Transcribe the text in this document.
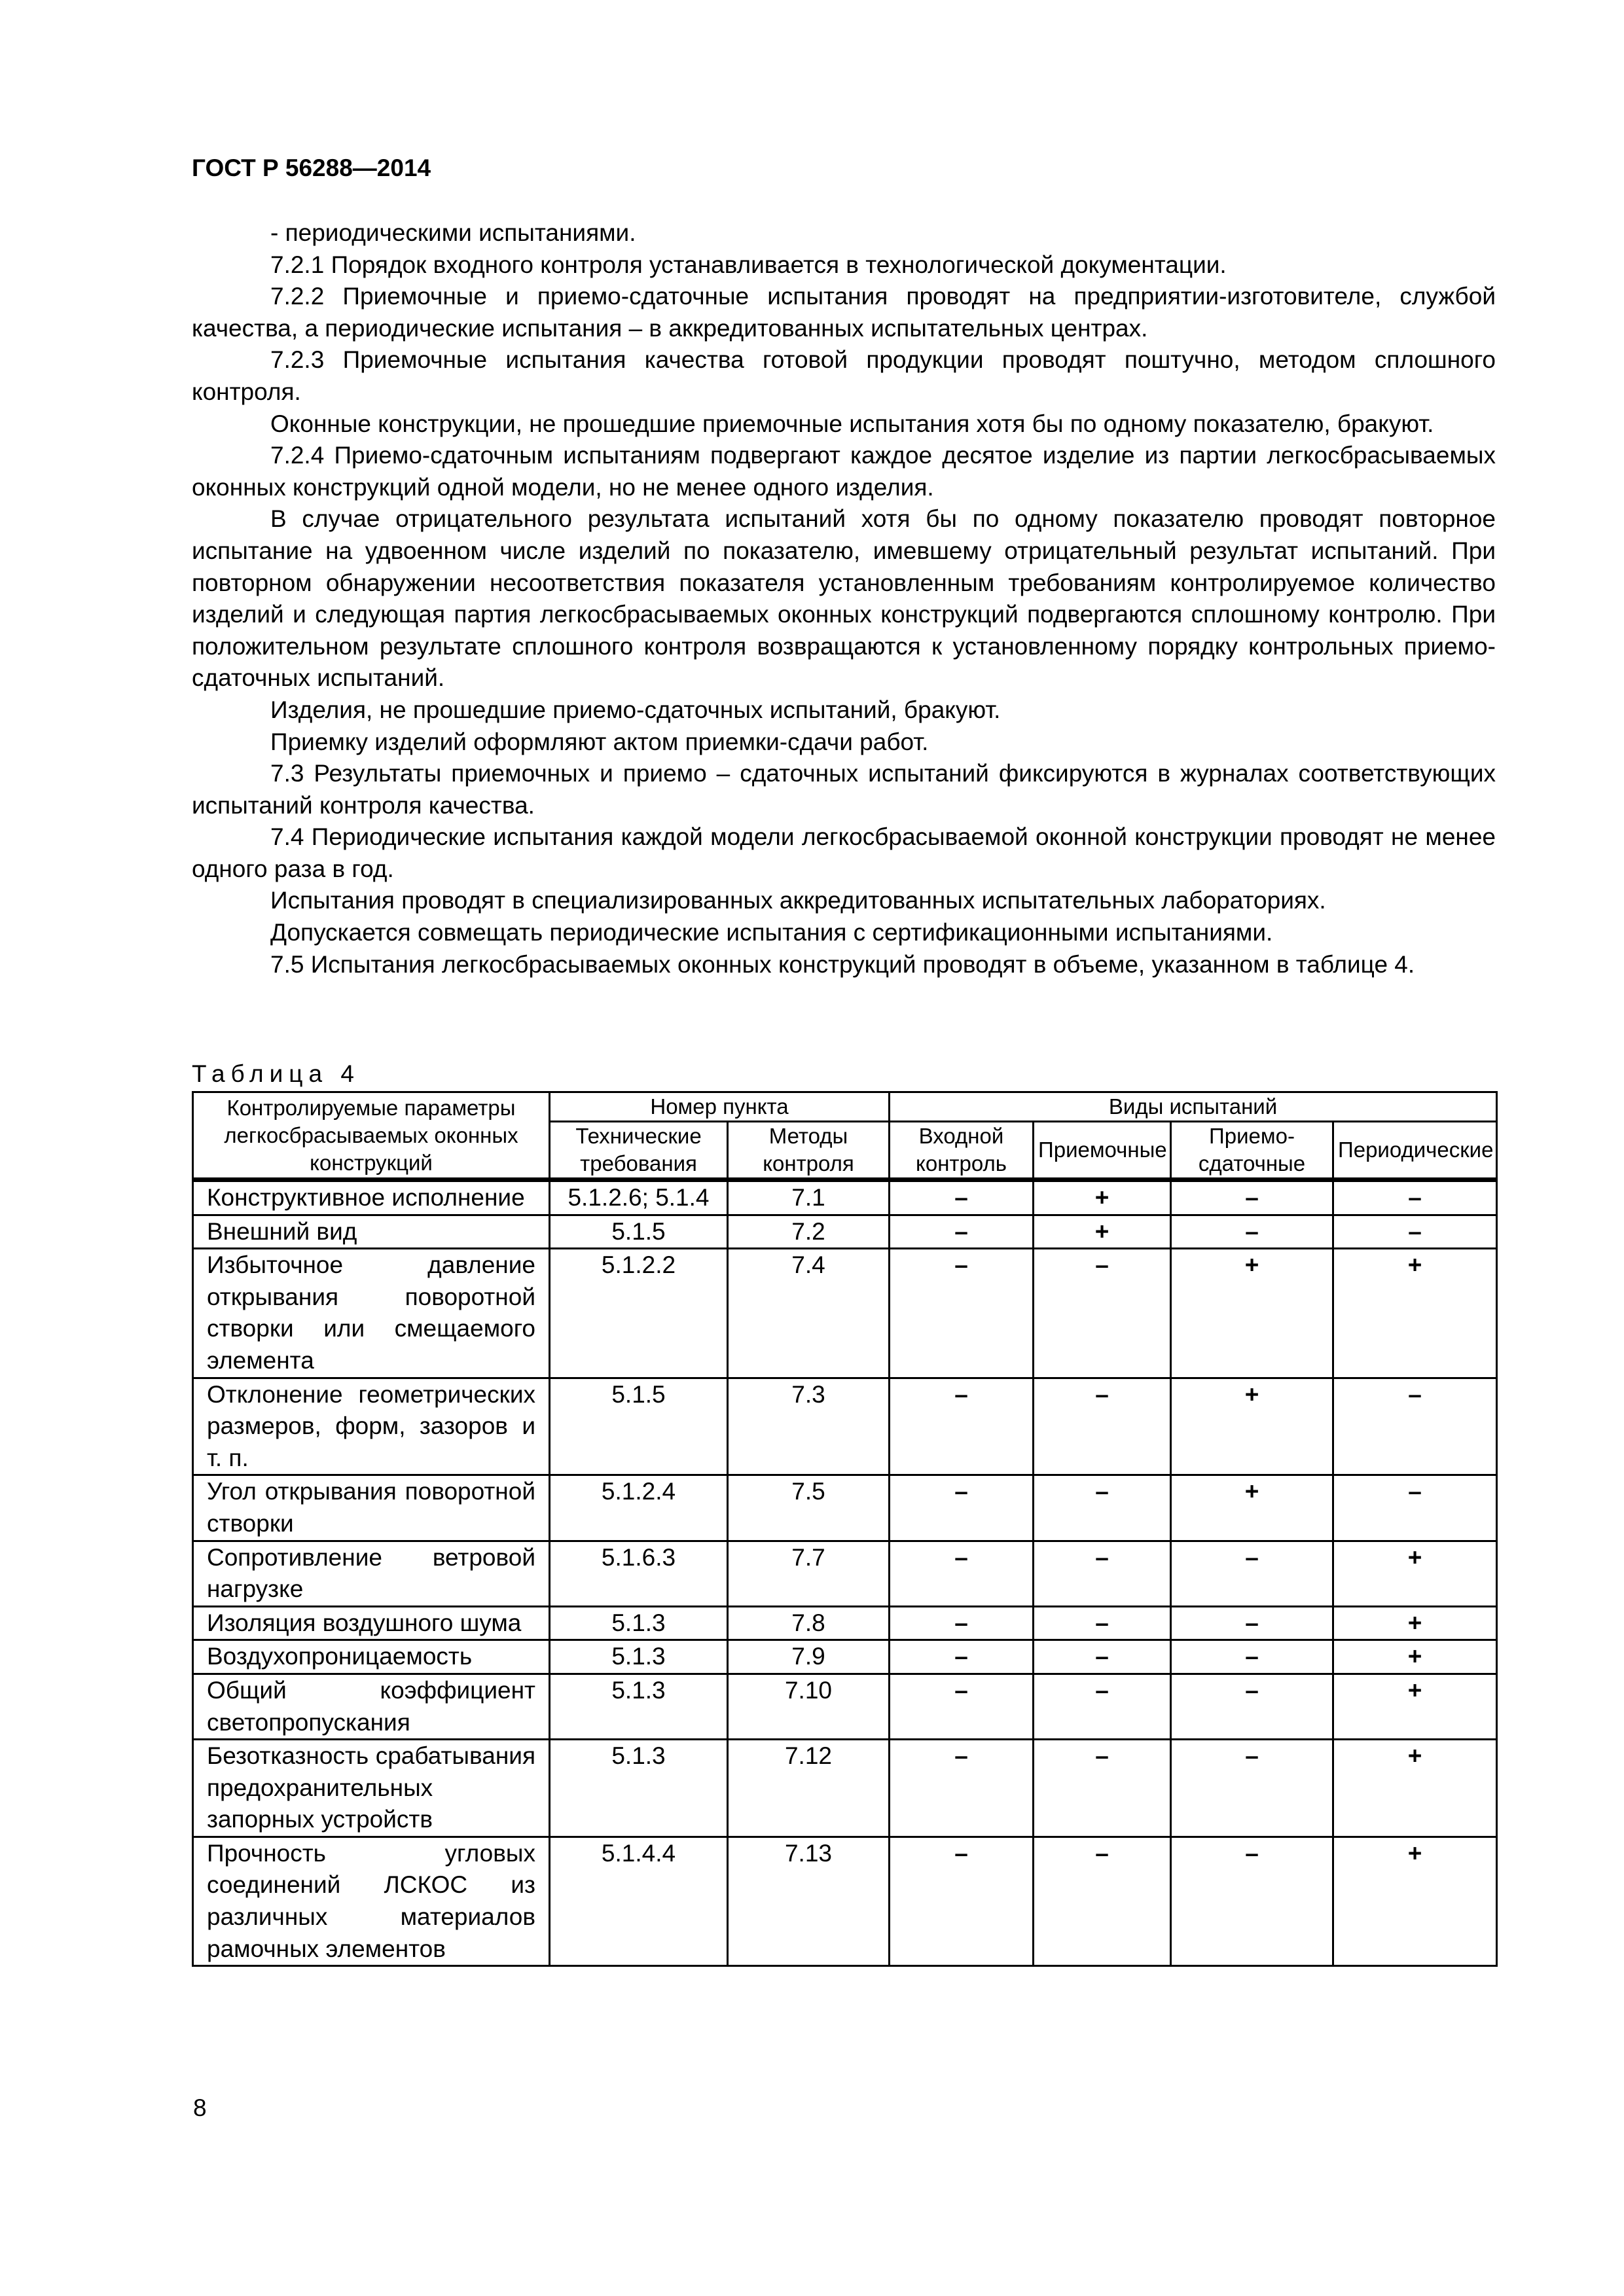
ГОСТ Р 56288—2014

- периодическими испытаниями.

7.2.1 Порядок входного контроля устанавливается в технологической документации.

7.2.2 Приемочные и приемо-сдаточные испытания проводят на предприятии-изготовителе, службой качества, а периодические испытания – в аккредитованных испытательных центрах.

7.2.3 Приемочные испытания качества готовой продукции проводят поштучно, методом сплошного контроля.

Оконные конструкции, не прошедшие приемочные испытания хотя бы по одному показателю, бракуют.

7.2.4 Приемо-сдаточным испытаниям подвергают каждое десятое изделие из партии легкосбрасываемых оконных конструкций одной модели, но не менее одного изделия.

В случае отрицательного результата испытаний хотя бы по одному показателю проводят повторное испытание на удвоенном числе изделий по показателю, имевшему отрицательный результат испытаний. При повторном обнаружении несоответствия показателя установленным требованиям контролируемое количество изделий и следующая партия легкосбрасываемых оконных конструкций подвергаются сплошному контролю. При положительном результате сплошного контроля возвращаются к установленному порядку контрольных приемо-сдаточных испытаний.

Изделия, не прошедшие приемо-сдаточных испытаний, бракуют.

Приемку изделий оформляют актом приемки-сдачи работ.

7.3 Результаты приемочных и приемо – сдаточных испытаний фиксируются в журналах соответствующих испытаний контроля качества.

7.4 Периодические испытания каждой модели легкосбрасываемой оконной конструкции проводят не менее одного раза в год.

Испытания проводят в специализированных аккредитованных испытательных лабораториях.

Допускается совмещать периодические испытания с сертификационными испытаниями.

7.5 Испытания легкосбрасываемых оконных конструкций проводят в объеме, указанном в таблице 4.

Таблица 4
Контролируемые параметры легкосбрасываемых оконных конструкций	Номер пункта		Виды испытаний			
	Технические требования	Методы контроля	Входной контроль	Приемочные	Приемо-сдаточные	Периодические
Конструктивное исполнение	5.1.2.6; 5.1.4	7.1	–	+	–	–
Внешний вид	5.1.5	7.2	–	+	–	–
Избыточное давление открывания поворотной створки или смещаемого элемента	5.1.2.2	7.4	–	–	+	+
Отклонение геометрических размеров, форм, зазоров и т. п.	5.1.5	7.3	–	–	+	–
Угол открывания поворотной створки	5.1.2.4	7.5	–	–	+	–
Сопротивление ветровой нагрузке	5.1.6.3	7.7	–	–	–	+
Изоляция воздушного шума	5.1.3	7.8	–	–	–	+
Воздухопроницаемость	5.1.3	7.9	–	–	–	+
Общий коэффициент светопропускания	5.1.3	7.10	–	–	–	+
Безотказность срабатывания предохранительных запорных устройств	5.1.3	7.12	–	–	–	+
Прочность угловых соединений ЛСКОС из различных материалов рамочных элементов	5.1.4.4	7.13	–	–	–	+
8
